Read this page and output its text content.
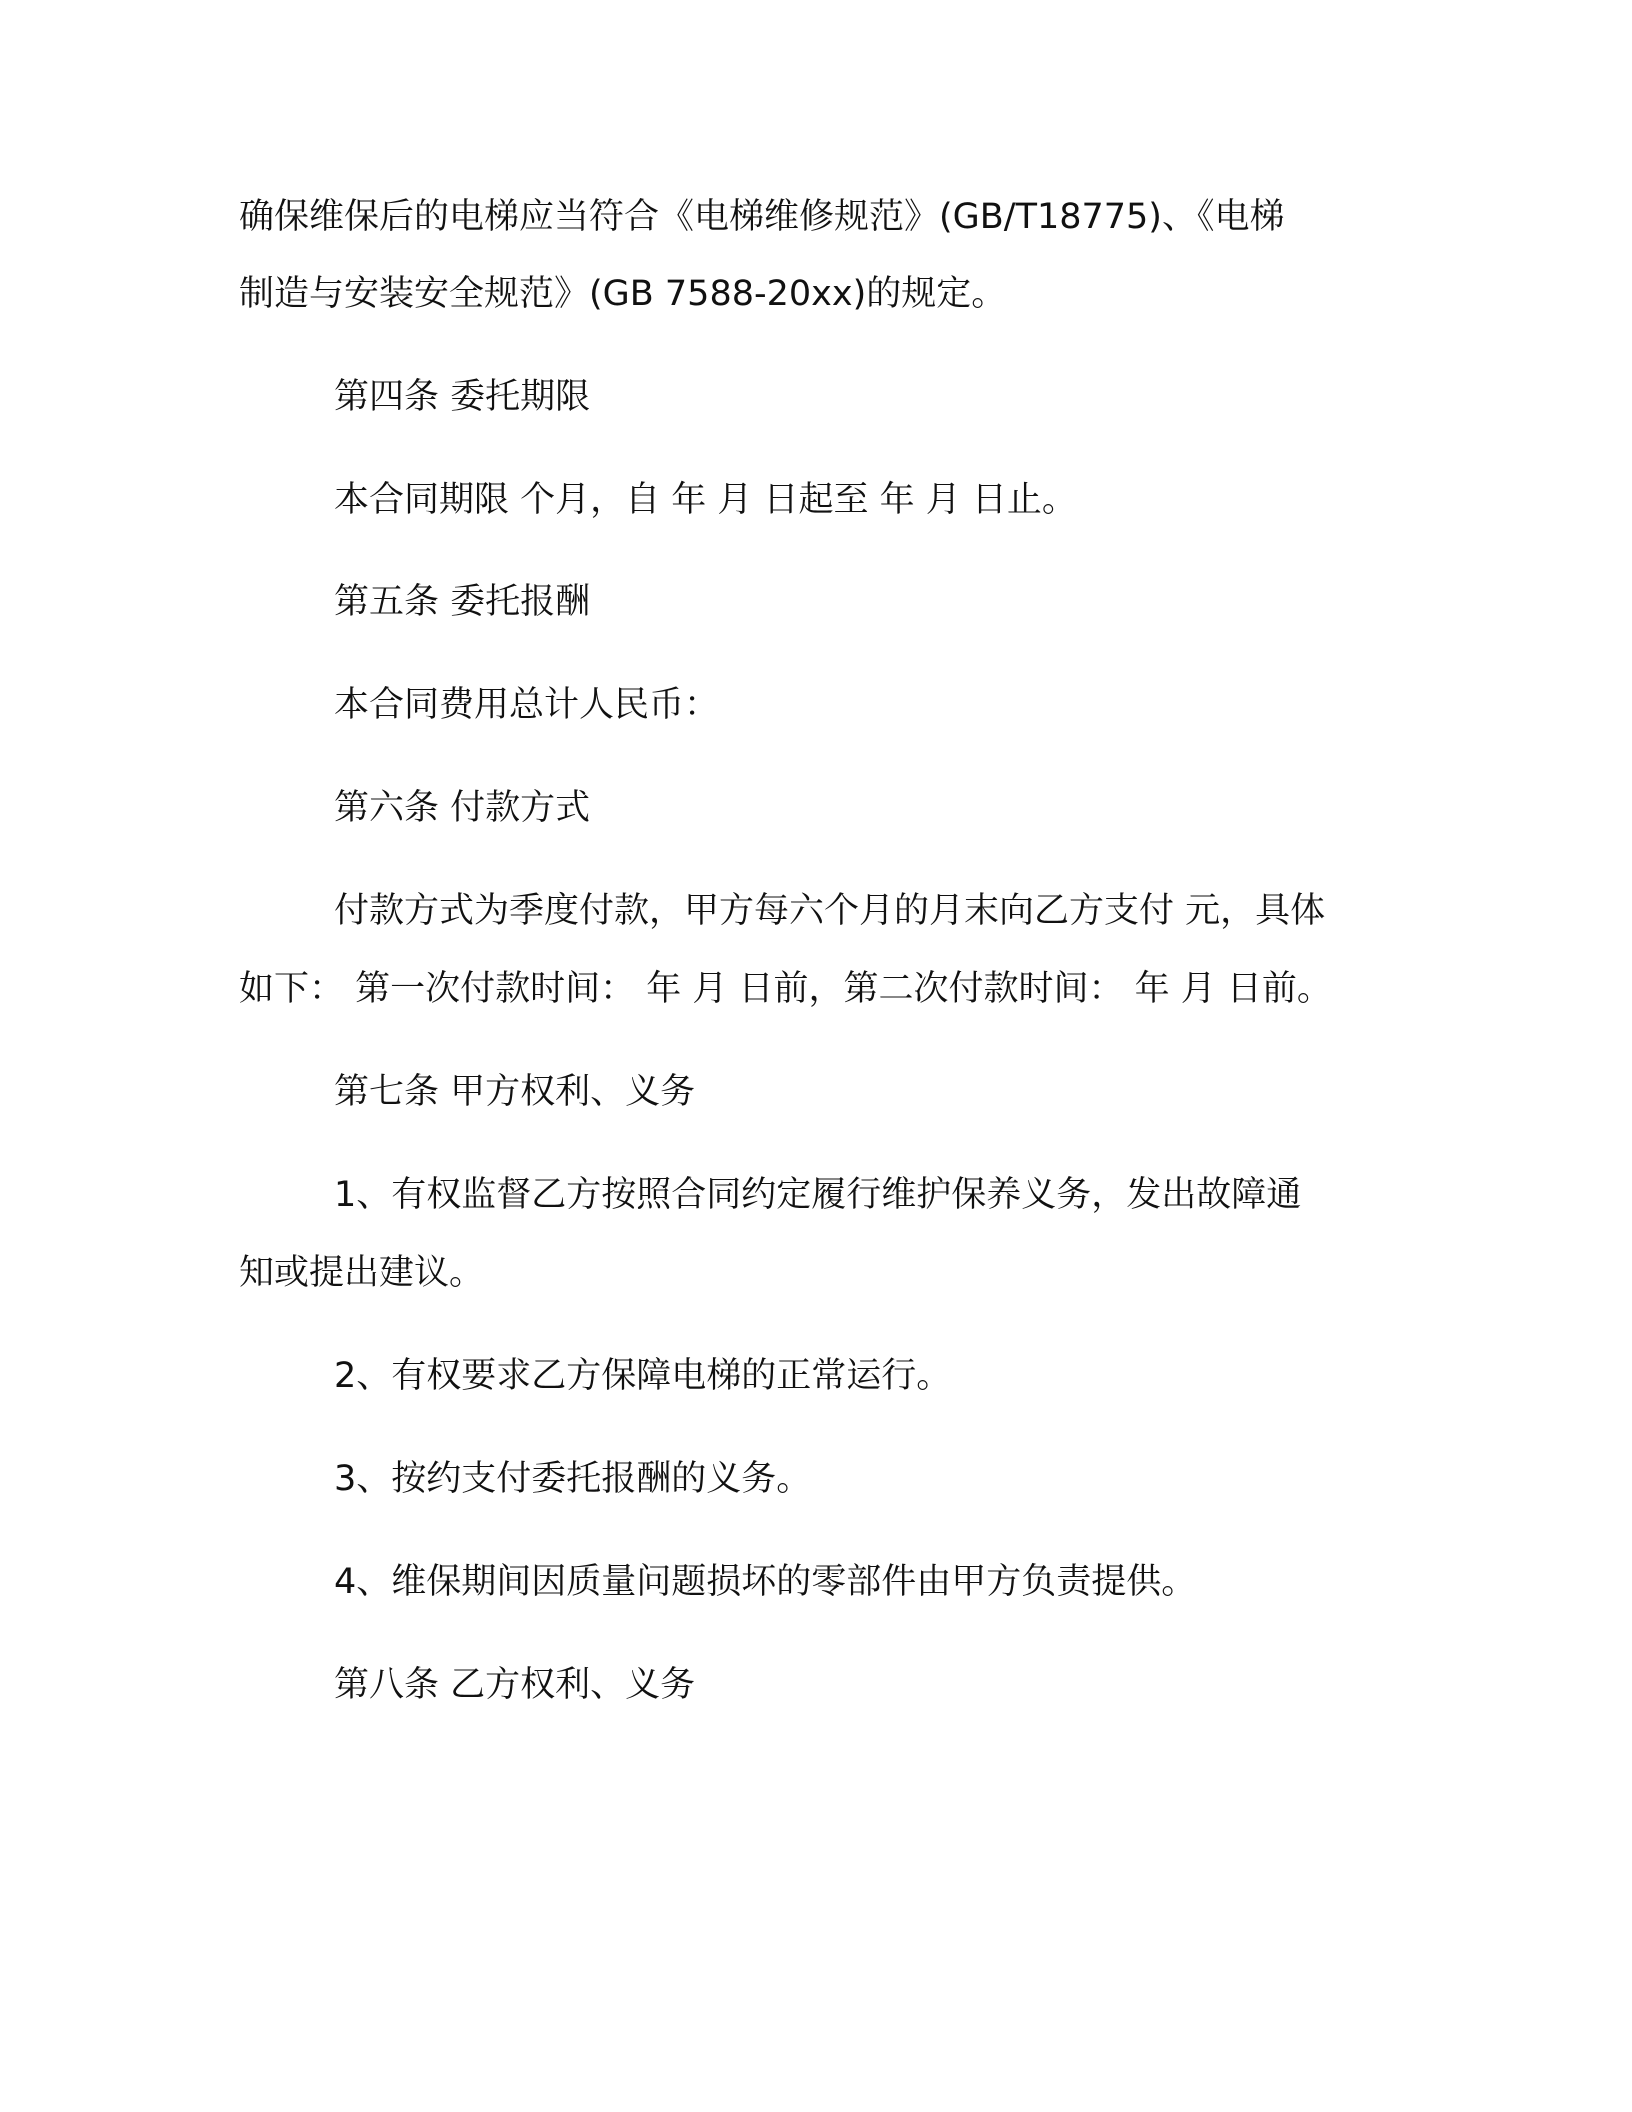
确保维保后的电梯应当符合《电梯维修规范》(GB/T18775)、《电梯
制造与安装安全规范》(GB 7588-20xx)的规定。
第四条 委托期限
本合同期限 个月，自 年 月 日起至 年 月 日止。
第五条 委托报酬
本合同费用总计人民币：
第六条 付款方式
付款方式为季度付款，甲方每六个月的月末向乙方支付 元，具体
如下： 第一次付款时间： 年 月 日前，第二次付款时间： 年 月 日前。
第七条 甲方权利、义务
1、有权监督乙方按照合同约定履行维护保养义务，发出故障通
知或提出建议。
2、有权要求乙方保障电梯的正常运行。
3、按约支付委托报酬的义务。
4、维保期间因质量问题损坏的零部件由甲方负责提供。
第八条 乙方权利、义务
